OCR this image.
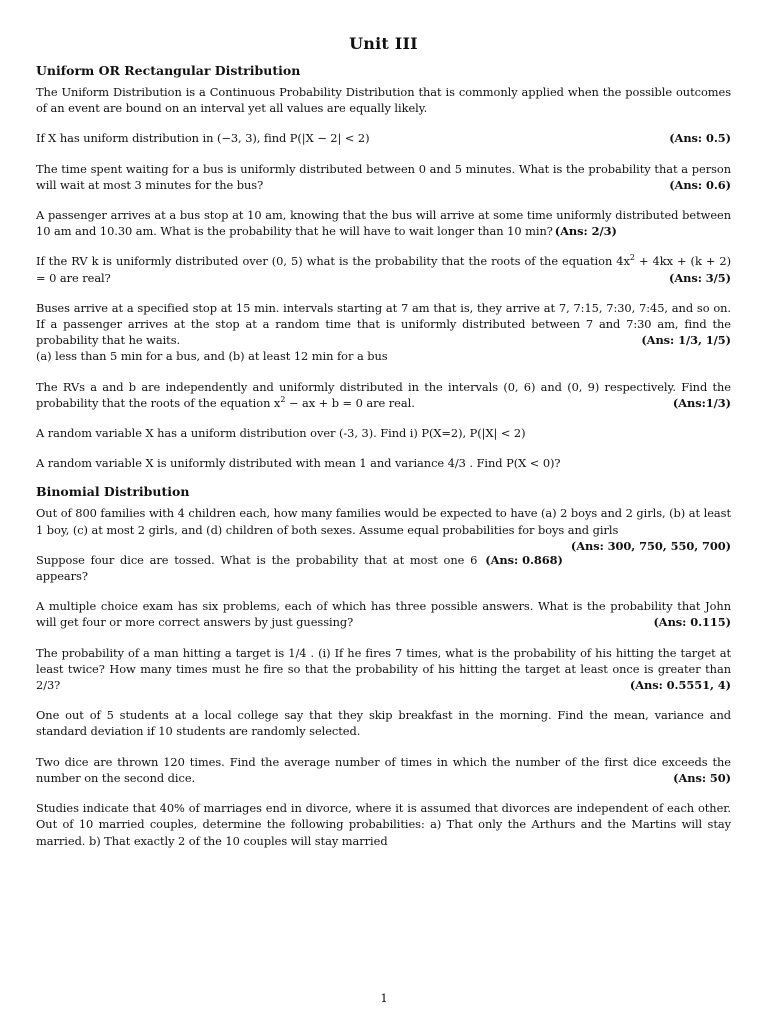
Unit III
Uniform OR Rectangular Distribution

The Uniform Distribution is a Continuous Probability Distribution that is commonly applied when the possible outcomes of an event are bound on an interval yet all values are equally likely.

(Ans: 0.5)
If X has uniform distribution in (−3, 3), find P(|X − 2| < 2)

The time spent waiting for a bus is uniformly distributed between 0 and 5 minutes. What is the probability that a person will wait at most 3 minutes for the bus?	(Ans: 0.6)

A passenger arrives at a bus stop at 10 am, knowing that the bus will arrive at some time uniformly distributed between 10 am and 10.30 am. What is the probability that he will have to wait longer than 10 min? (Ans: 2/3)

If the RV k is uniformly distributed over (0, 5) what is the probability that the roots of the equation $4x^2 + 4kx + (k + 2) = 0$ are real?	(Ans: 3/5)

Buses arrive at a specified stop at 15 min. intervals starting at 7 am that is, they arrive at 7, 7:15, 7:30, 7:45, and so on. If a passenger arrives at the stop at a random time that is uniformly distributed between 7 and 7:30 am, find the probability that he waits.	(Ans: 1/3, 1/5)
(a) less than 5 min for a bus, and (b) at least 12 min for a bus

The RVs a and b are independently and uniformly distributed in the intervals (0, 6) and (0, 9) respectively. Find the probability that the roots of the equation $x^2$ − ax + b = 0 are real.	(Ans:1/3)

A random variable X has a uniform distribution over (-3, 3). Find i) P(X=2), P(|X| < 2)

A random variable X is uniformly distributed with mean 1 and variance 4/3 . Find P(X < 0)?

Binomial Distribution

Out of 800 families with 4 children each, how many families would be expected to have (a) 2 boys and 2 girls, (b) at least 1 boy, (c) at most 2 girls, and (d) children of both sexes. Assume equal probabilities for boys and girls
(Ans: 300, 750, 550, 700)

(Ans: 0.868)
Suppose four dice are tossed. What is the probability that at most one 6 appears?

A multiple choice exam has six problems, each of which has three possible answers. What is the probability that John will get four or more correct answers by just guessing?	(Ans: 0.115)

The probability of a man hitting a target is 1/4 . (i) If he fires 7 times, what is the probability of his hitting the target at least twice? How many times must he fire so that the probability of his hitting the target at least once is greater than 2/3?	(Ans: 0.5551, 4)

One out of 5 students at a local college say that they skip breakfast in the morning. Find the mean, variance and standard deviation if 10 students are randomly selected.

Two dice are thrown 120 times. Find the average number of times in which the number of the first dice exceeds the number on the second dice.	(Ans: 50)

Studies indicate that 40% of marriages end in divorce, where it is assumed that divorces are independent of each other. Out of 10 married couples, determine the following probabilities: a) That only the Arthurs and the Martins will stay married. b) That exactly 2 of the 10 couples will stay married

1
